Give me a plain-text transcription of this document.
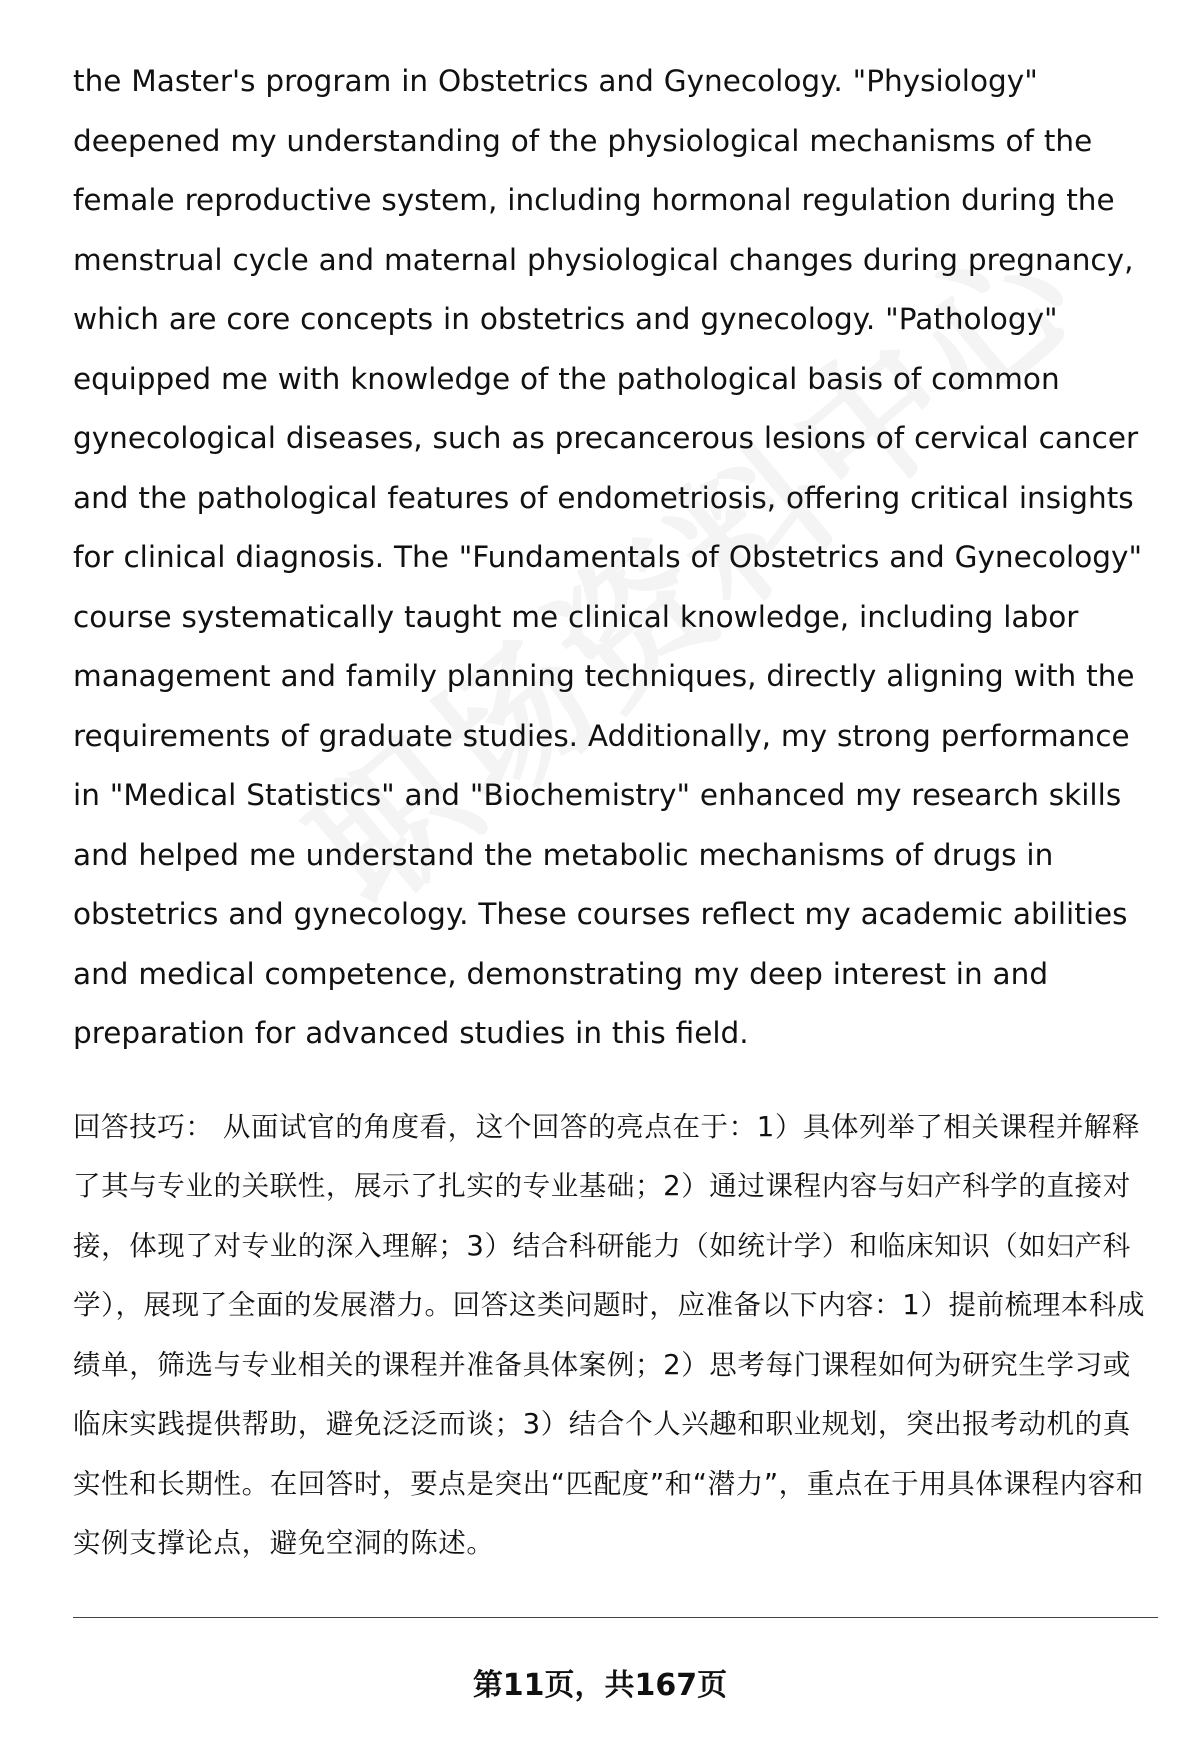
the Master's program in Obstetrics and Gynecology. "Physiology" deepened my understanding of the physiological mechanisms of the female reproductive system, including hormonal regulation during the menstrual cycle and maternal physiological changes during pregnancy, which are core concepts in obstetrics and gynecology. "Pathology" equipped me with knowledge of the pathological basis of common gynecological diseases, such as precancerous lesions of cervical cancer and the pathological features of endometriosis, offering critical insights for clinical diagnosis. The "Fundamentals of Obstetrics and Gynecology" course systematically taught me clinical knowledge, including labor management and family planning techniques, directly aligning with the requirements of graduate studies. Additionally, my strong performance in "Medical Statistics" and "Biochemistry" enhanced my research skills and helped me understand the metabolic mechanisms of drugs in obstetrics and gynecology. These courses reflect my academic abilities and medical competence, demonstrating my deep interest in and preparation for advanced studies in this field.

回答技巧： 从面试官的角度看，这个回答的亮点在于：1）具体列举了相关课程并解释了其与专业的关联性，展示了扎实的专业基础；2）通过课程内容与妇产科学的直接对接，体现了对专业的深入理解；3）结合科研能力（如统计学）和临床知识（如妇产科学），展现了全面的发展潜力。回答这类问题时，应准备以下内容：1）提前梳理本科成绩单，筛选与专业相关的课程并准备具体案例；2）思考每门课程如何为研究生学习或临床实践提供帮助，避免泛泛而谈；3）结合个人兴趣和职业规划，突出报考动机的真实性和长期性。在回答时，要点是突出“匹配度”和“潜力”，重点在于用具体课程内容和实例支撑论点，避免空洞的陈述。

第11页，共167页
